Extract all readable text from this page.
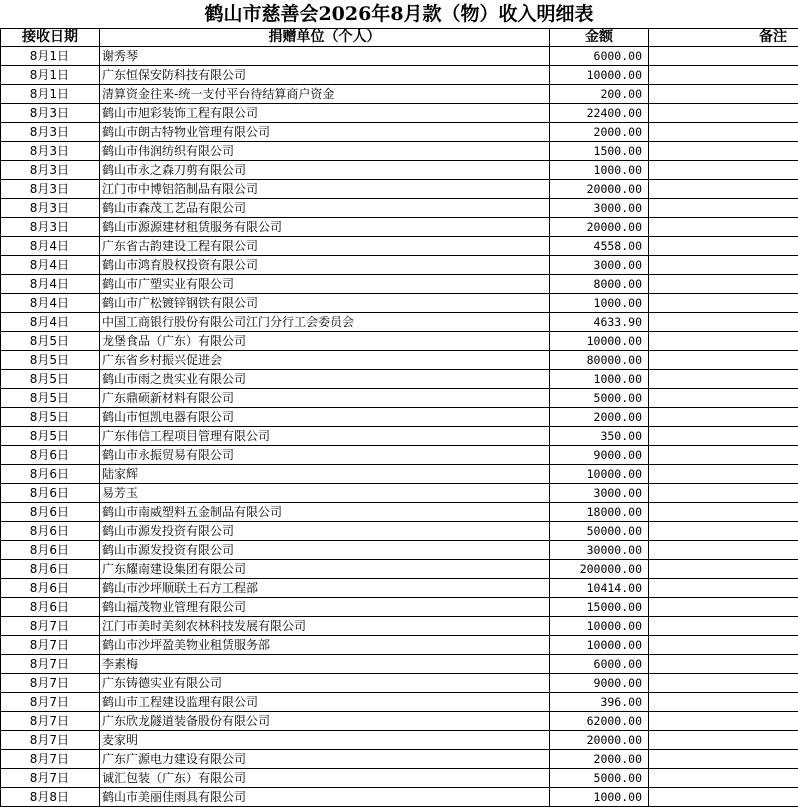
鹤山市慈善会2026年8月款（物）收入明细表
接收日期	捐赠单位（个人）	金额	备注
8月1日	谢秀琴	6000.00	
8月1日	广东恒保安防科技有限公司	10000.00	
8月1日	清算资金往来-统一支付平台待结算商户资金	200.00	
8月3日	鹤山市旭彩装饰工程有限公司	22400.00	
8月3日	鹤山市朗古特物业管理有限公司	2000.00	
8月3日	鹤山市伟润纺织有限公司	1500.00	
8月3日	鹤山市永之森刀剪有限公司	1000.00	
8月3日	江门市中博铝箔制品有限公司	20000.00	
8月3日	鹤山市森茂工艺品有限公司	3000.00	
8月3日	鹤山市源源建材租赁服务有限公司	20000.00	
8月4日	广东省古韵建设工程有限公司	4558.00	
8月4日	鹤山市鸿育股权投资有限公司	3000.00	
8月4日	鹤山市广塑实业有限公司	8000.00	
8月4日	鹤山市广松镀锌钢铁有限公司	1000.00	
8月4日	中国工商银行股份有限公司江门分行工会委员会	4633.90	
8月5日	龙堡食品（广东）有限公司	10000.00	
8月5日	广东省乡村振兴促进会	80000.00	
8月5日	鹤山市雨之贵实业有限公司	1000.00	
8月5日	广东鼎硕新材料有限公司	5000.00	
8月5日	鹤山市恒凯电器有限公司	2000.00	
8月5日	广东伟信工程项目管理有限公司	350.00	
8月6日	鹤山市永振贸易有限公司	9000.00	
8月6日	陆家辉	10000.00	
8月6日	易芳玉	3000.00	
8月6日	鹤山市南威塑料五金制品有限公司	18000.00	
8月6日	鹤山市源发投资有限公司	50000.00	
8月6日	鹤山市源发投资有限公司	30000.00	
8月6日	广东耀南建设集团有限公司	200000.00	
8月6日	鹤山市沙坪顺联土石方工程部	10414.00	
8月6日	鹤山福茂物业管理有限公司	15000.00	
8月7日	江门市美时美刻农林科技发展有限公司	10000.00	
8月7日	鹤山市沙坪盈美物业租赁服务部	10000.00	
8月7日	李素梅	6000.00	
8月7日	广东铸德实业有限公司	9000.00	
8月7日	鹤山市工程建设监理有限公司	396.00	
8月7日	广东欣龙隧道装备股份有限公司	62000.00	
8月7日	麦家明	20000.00	
8月7日	广东广源电力建设有限公司	2000.00	
8月7日	诚汇包装（广东）有限公司	5000.00	
8月8日	鹤山市美丽佳雨具有限公司	1000.00	
